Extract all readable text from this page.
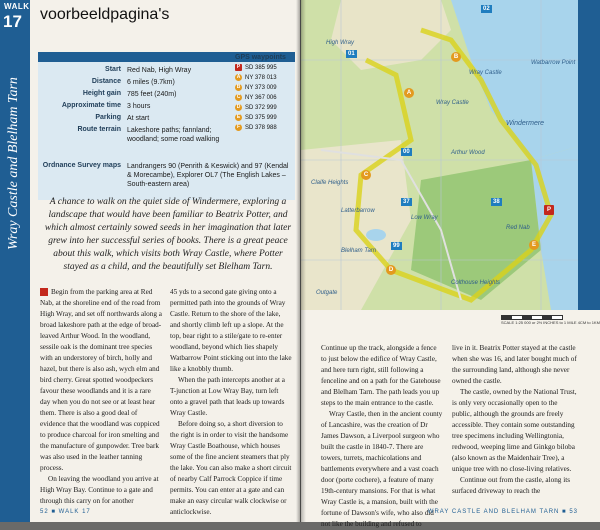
WALK
17
Wray Castle and Blelham Tarn
voorbeeldpagina's
Start Red Nab, High Wray
Distance 6 miles (9.7km)
Height gain 785 feet (240m)
Approximate time 3 hours
Parking At start
Route terrain Lakeshore paths; fannland; woodland; some road walking
Ordnance Survey maps Landrangers 90 (Penrith & Keswick) and 97 (Kendal & Morecambe), Explorer OL7 (The English Lakes – South-eastern area)
GPS waypoints
P SD 385 995
A NY 378 013
B NY 373 009
C NY 367 006
D SD 372 999
E SD 375 999
F SD 378 988
A chance to walk on the quiet side of Windermere, exploring a landscape that would have been familiar to Beatrix Potter, and which almost certainly sowed seeds in her imagination that later grew into her successful series of books. There is a great peace about this walk, which visits both Wray Castle, where Potter stayed as a child, and the beautifully set Blelham Tarn.

Begin from the parking area at Red Nab, at the shoreline end of the road from High Wray, and set off northwards along a broad lakeshore path at the edge of broad-leaved Arthur Wood. In the woodland, sessile oak is the dominant tree species with an understorey of birch, holly and hazel, but there is also ash, wych elm and bird cherry. Great spotted woodpeckers favour these woodlands and it is a rare day when you do not see or at least hear them. There is also a good deal of evidence that the woodland was coppiced to produce charcoal for iron smelting and the manufacture of gunpowder. Tree bark was also used in the leather tanning process.

On leaving the woodland you arrive at High Wray Bay. Continue to a gate and through this carry on for another

45 yds to a second gate giving onto a permitted path into the grounds of Wray Castle. Return to the shore of the lake, and shortly climb left up a slope. At the top, bear right to a stile/gate to re-enter woodland, beyond which lies shapely Watbarrow Point sticking out into the lake like a knobbly thumb.

When the path intercepts another at a T-junction at Low Wray Bay, turn left onto a gravel path that leads up towards Wray Castle.

Before doing so, a short diversion to the right is in order to visit the handsome Wray Castle Boathouse, which houses some of the fine ancient steamers that ply the lake. You can also make a short circuit of nearby Calf Parrock Coppice if time permits. You can enter at a gate and can make an easy circular walk clockwise or anticlockwise.

52 ■ WALK 17
Windermere
High Wray
Wray Castle
Blelham Tarn
Low Wray
Red Nab
Arthur Wood
Watbarrow Point
Wray Castle
Colthouse Heights
Claife Heights
Latterbarrow
Outgate
01
02
37	38
99
00
A
B
C
D
E
P
SCALE 1:25 000 or 2½ INCHES to 1 MILE 4CM to 1KM

Continue up the track, alongside a fence to just below the edifice of Wray Castle, and here turn right, still following a fenceline and on a path for the Gatehouse and Blelham Tarn. The path leads you up steps to the main entrance to the castle.

Wray Castle, then in the ancient county of Lancashire, was the creation of Dr James Dawson, a Liverpool surgeon who built the castle in 1840-7. There are towers, turrets, machicolations and battlements everywhere and a vast coach door (porte cochere), a feature of many 19th-century mansions. For that is what Wray Castle is, a mansion, built with the fortune of Dawson's wife, who also did not like the building and refused to

live in it. Beatrix Potter stayed at the castle when she was 16, and later bought much of the surrounding land, although she never owned the castle.

The castle, owned by the National Trust, is only very occasionally open to the public, although the grounds are freely accessible. They contain some outstanding tree specimens including Wellingtonia, redwood, weeping lime and Ginkgo biloba (also known as the Maidenhair Tree), a unique tree with no close-living relatives.

Continue out from the castle, along its surfaced driveway to reach the

WRAY CASTLE AND BLELHAM TARN ■ 53
